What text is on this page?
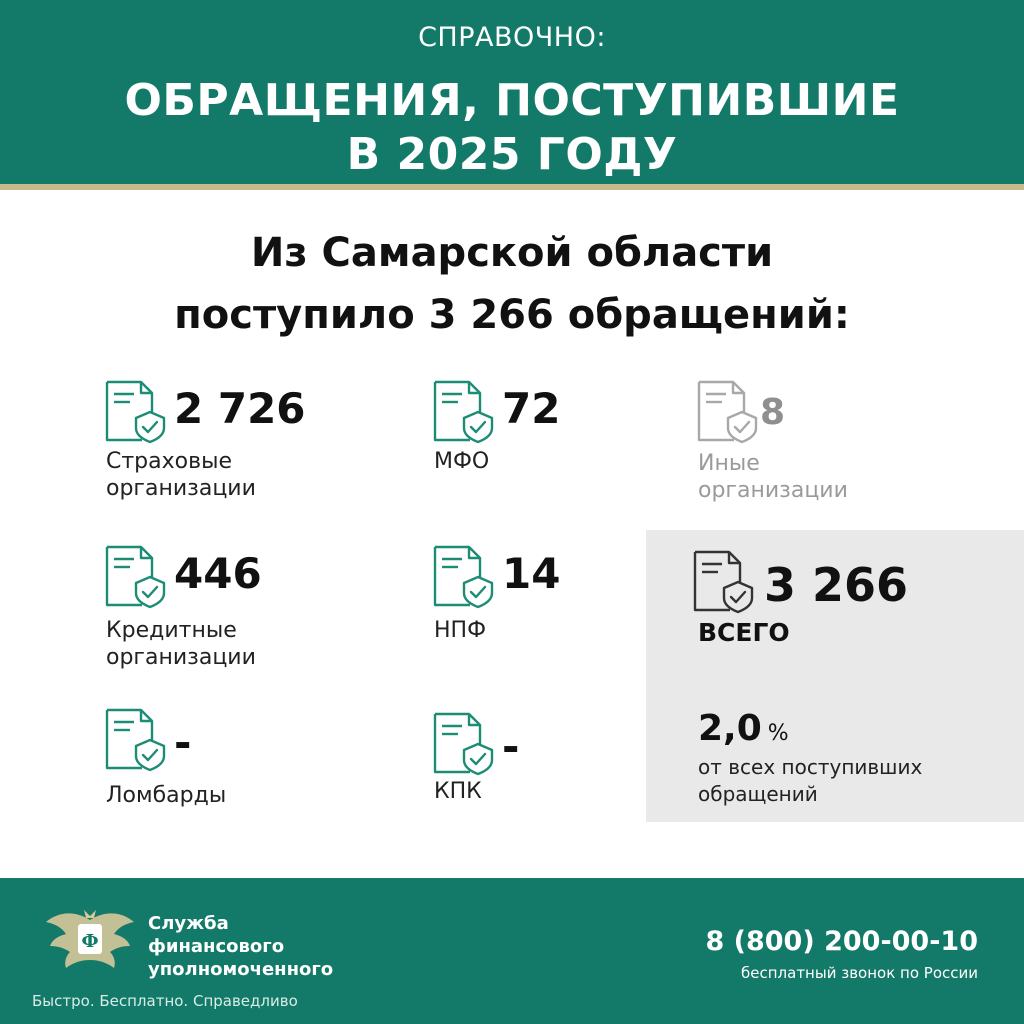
СПРАВОЧНО:
ОБРАЩЕНИЯ, ПОСТУПИВШИЕ
В 2025 ГОДУ
Из Самарской области
поступило 3 266 обращений:
2 726
Страховые
организации
72
МФО
8
Иные
организации
446
Кредитные
организации
14
НПФ
-
Ломбарды
-
КПК
3 266
ВСЕГО
2,0 %
от всех поступивших
обращений
Ф
Служба
финансового
уполномоченного
Быстро. Бесплатно. Справедливо
8 (800) 200-00-10
бесплатный звонок по России
